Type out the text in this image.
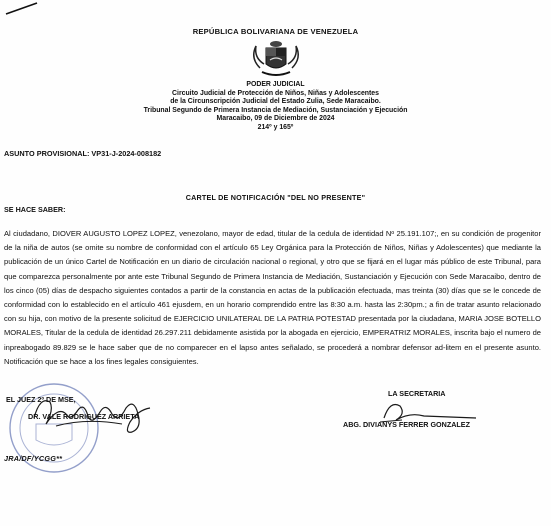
REPÚBLICA BOLIVARIANA DE VENEZUELA
PODER JUDICIAL
Circuito Judicial de Protección de Niños, Niñas y Adolescentes
de la Circunscripción Judicial del Estado Zulia, Sede Maracaibo.
Tribunal Segundo de Primera Instancia de Mediación, Sustanciación y Ejecución
Maracaibo, 09 de Diciembre de 2024
214º y 165º
ASUNTO PROVISIONAL: VP31-J-2024-008182
CARTEL DE NOTIFICACIÓN "DEL NO PRESENTE"
SE HACE SABER:
Al ciudadano, DIOVER AUGUSTO LOPEZ LOPEZ, venezolano, mayor de edad, titular de la cedula de identidad Nº 25.191.107;, en su condición de progenitor de la niña de autos (se omite su nombre de conformidad con el artículo 65 Ley Orgánica para la Protección de Niños, Niñas y Adolescentes) que mediante la publicación de un único Cartel de Notificación en un diario de circulación nacional o regional, y otro que se fijará en el lugar más público de este Tribunal, para que comparezca personalmente por ante este Tribunal Segundo de Primera Instancia de Mediación, Sustanciación y Ejecución con Sede Maracaibo, dentro de los cinco (05) días de despacho siguientes contados a partir de la constancia en actas de la publicación efectuada, mas treinta (30) días que se le concede de conformidad con lo establecido en el artículo 461 ejusdem, en un horario comprendido entre las 8:30 a.m. hasta las 2:30pm.; a fin de tratar asunto relacionado con su hija, con motivo de la presente solicitud de EJERCICIO UNILATERAL DE LA PATRIA POTESTAD presentada por la ciudadana, MARIA JOSE BOTELLO MORALES, Titular de la cedula de identidad 26.297.211 debidamente asistida por la abogada en ejercicio, EMPERATRIZ MORALES, inscrita bajo el numero de inpreabogado 89.829 se le hace saber que de no comparecer en el lapso antes señalado, se procederá a nombrar defensor ad-litem en el presente asunto. Notificación que se hace a los fines legales consiguientes.
EL JUEZ 2º DE MSE,
DR. VALE RODRIGUEZ ARRIETA
LA SECRETARIA
ABG. DIVIANYS FERRER GONZALEZ
JRA/DF/YCGG**
